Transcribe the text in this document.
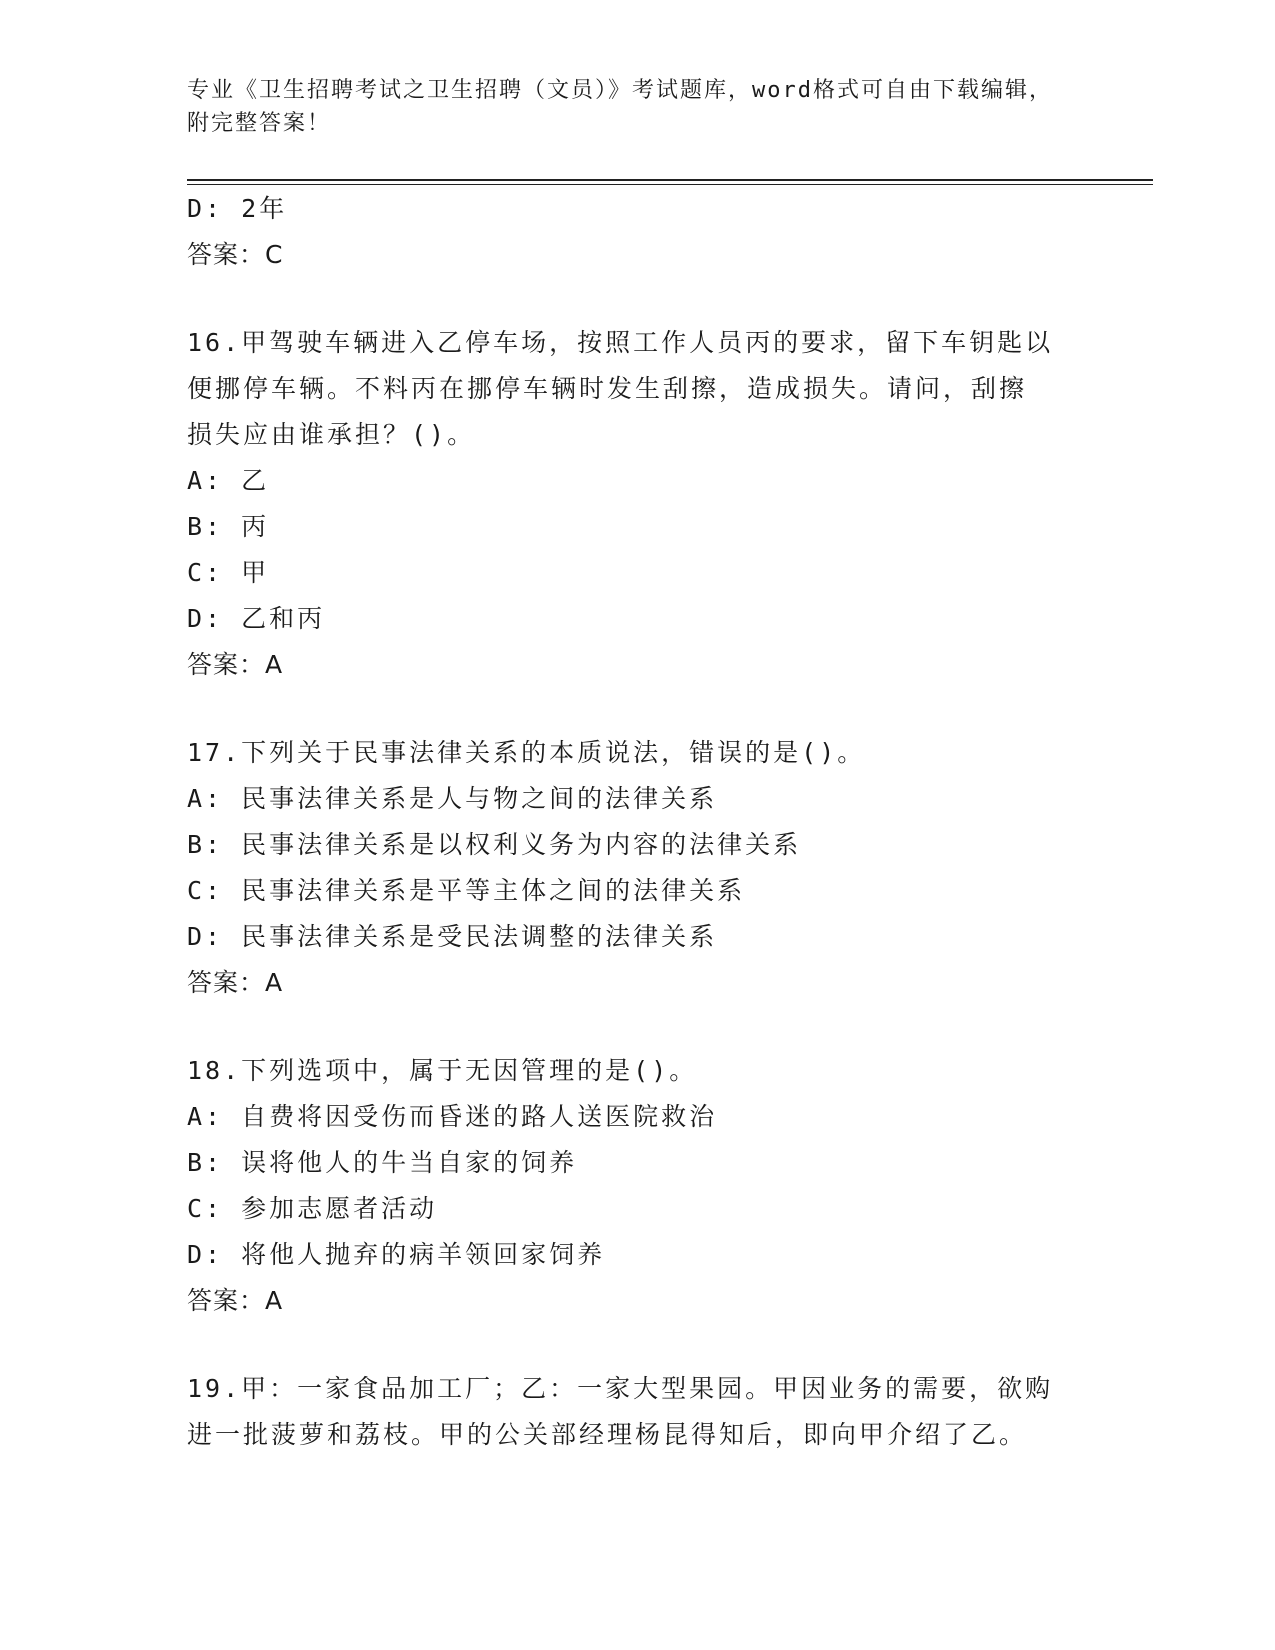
专业《卫生招聘考试之卫生招聘（文员）》考试题库，word格式可自由下载编辑，附完整答案！

D: 2年
答案：C
16.甲驾驶车辆进入乙停车场，按照工作人员丙的要求，留下车钥匙以
便挪停车辆。不料丙在挪停车辆时发生刮擦，造成损失。请问，刮擦
损失应由谁承担？()。
A: 乙
B: 丙
C: 甲
D: 乙和丙
答案：A
17.下列关于民事法律关系的本质说法，错误的是()。
A: 民事法律关系是人与物之间的法律关系
B: 民事法律关系是以权利义务为内容的法律关系
C: 民事法律关系是平等主体之间的法律关系
D: 民事法律关系是受民法调整的法律关系
答案：A
18.下列选项中，属于无因管理的是()。
A: 自费将因受伤而昏迷的路人送医院救治
B: 误将他人的牛当自家的饲养
C: 参加志愿者活动
D: 将他人抛弃的病羊领回家饲养
答案：A
19.甲：一家食品加工厂；乙：一家大型果园。甲因业务的需要，欲购
进一批菠萝和荔枝。甲的公关部经理杨昆得知后，即向甲介绍了乙。
